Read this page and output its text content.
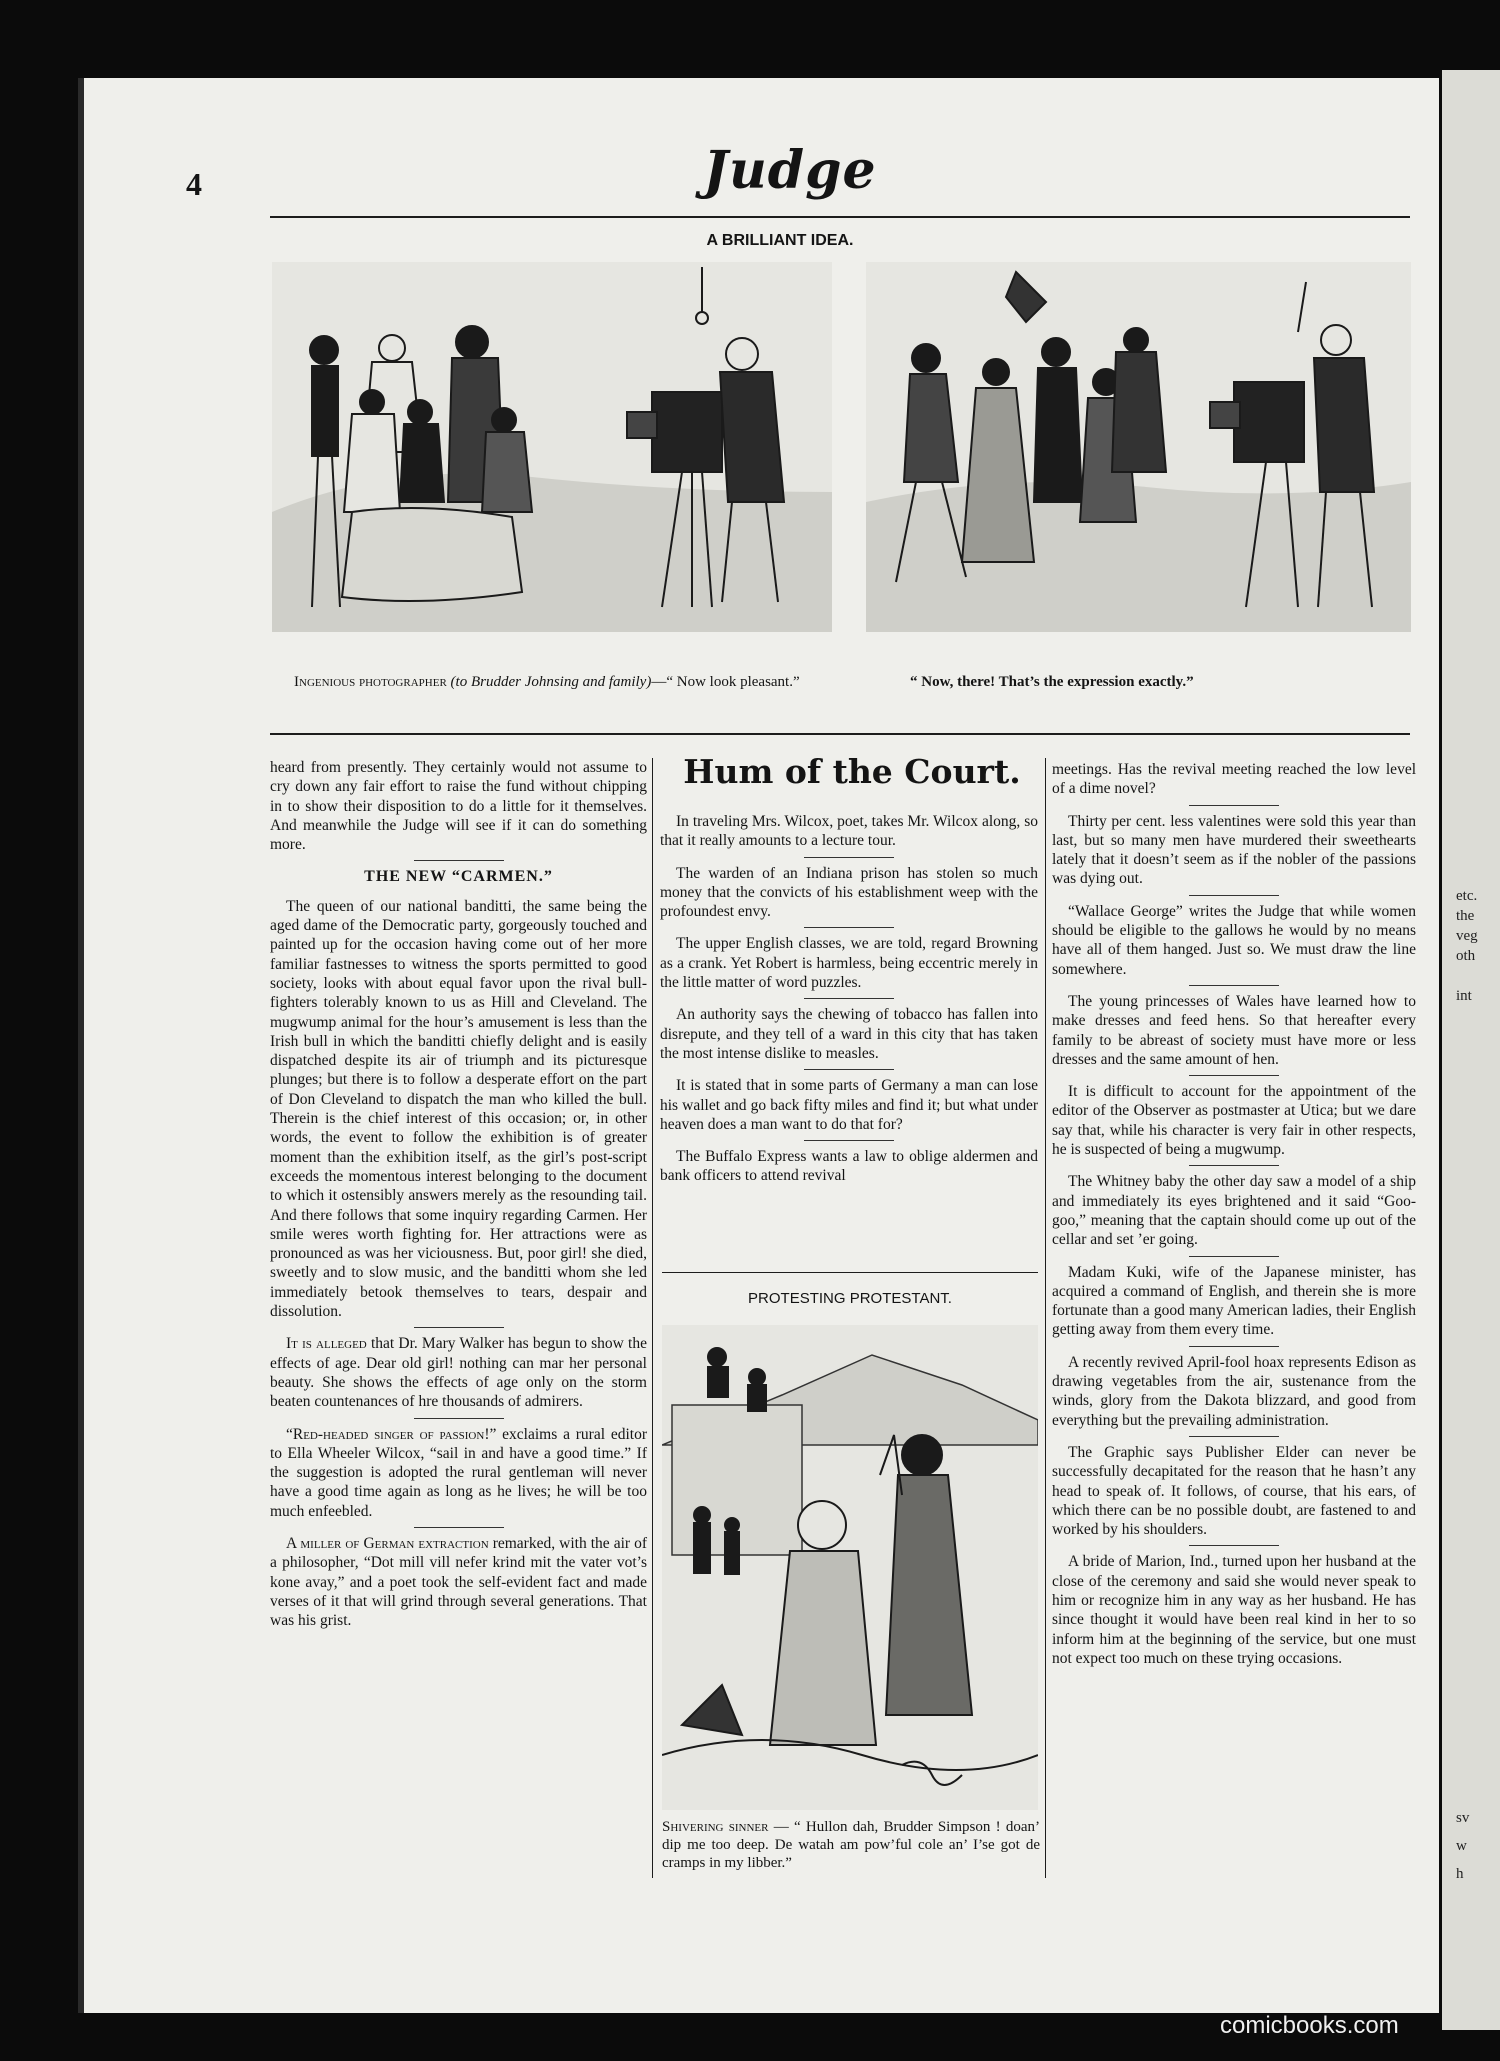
etc.
the
veg
oth
int
sv
w
h
4	Judge
A BRILLIANT IDEA.
Ingenious photographer (to Brudder Johnsing and family)—“ Now look pleasant.”	“ Now, there! That’s the expression exactly.”

heard from presently. They certainly would not assume to cry down any fair effort to raise the fund without chipping in to show their disposition to do a little for it themselves. And meanwhile the Judge will see if it can do something more.

THE NEW “CARMEN.”

The queen of our national banditti, the same being the aged dame of the Democratic party, gorgeously touched and painted up for the occasion having come out of her more familiar fastnesses to witness the sports permitted to good society, looks with about equal favor upon the rival bull-fighters tolerably known to us as Hill and Cleveland. The mugwump animal for the hour’s amusement is less than the Irish bull in which the banditti chiefly delight and is easily dispatched despite its air of triumph and its picturesque plunges; but there is to follow a desperate effort on the part of Don Cleveland to dispatch the man who killed the bull. Therein is the chief interest of this occasion; or, in other words, the event to follow the exhibition is of greater moment than the exhibition itself, as the girl’s post-script exceeds the momentous interest belonging to the document to which it ostensibly answers merely as the resounding tail. And there follows that some inquiry regarding Carmen. Her smile weres worth fighting for. Her attractions were as pronounced as was her viciousness. But, poor girl! she died, sweetly and to slow music, and the banditti whom she led immediately betook themselves to tears, despair and dissolution.

It is alleged that Dr. Mary Walker has begun to show the effects of age. Dear old girl! nothing can mar her personal beauty. She shows the effects of age only on the storm beaten countenances of hre thousands of admirers.

“Red-headed singer of passion!” exclaims a rural editor to Ella Wheeler Wilcox, “sail in and have a good time.” If the suggestion is adopted the rural gentleman will never have a good time again as long as he lives; he will be too much enfeebled.

A miller of German extraction remarked, with the air of a philosopher, “Dot mill vill nefer krind mit the vater vot’s kone avay,” and a poet took the self-evident fact and made verses of it that will grind through several generations. That was his grist.

Hum of the Court.

In traveling Mrs. Wilcox, poet, takes Mr. Wilcox along, so that it really amounts to a lecture tour.

The warden of an Indiana prison has stolen so much money that the convicts of his establishment weep with the profoundest envy.

The upper English classes, we are told, regard Browning as a crank. Yet Robert is harmless, being eccentric merely in the little matter of word puzzles.

An authority says the chewing of tobacco has fallen into disrepute, and they tell of a ward in this city that has taken the most intense dislike to measles.

It is stated that in some parts of Germany a man can lose his wallet and go back fifty miles and find it; but what under heaven does a man want to do that for?

The Buffalo Express wants a law to oblige aldermen and bank officers to attend revival

PROTESTING PROTESTANT.
Shivering sinner — “ Hullon dah, Brudder Simpson ! doan’ dip me too deep. De watah am pow’ful cole an’ I’se got de cramps in my libber.”

meetings. Has the revival meeting reached the low level of a dime novel?

Thirty per cent. less valentines were sold this year than last, but so many men have murdered their sweethearts lately that it doesn’t seem as if the nobler of the passions was dying out.

“Wallace George” writes the Judge that while women should be eligible to the gallows he would by no means have all of them hanged. Just so. We must draw the line somewhere.

The young princesses of Wales have learned how to make dresses and feed hens. So that hereafter every family to be abreast of society must have more or less dresses and the same amount of hen.

It is difficult to account for the appointment of the editor of the Observer as postmaster at Utica; but we dare say that, while his character is very fair in other respects, he is suspected of being a mugwump.

The Whitney baby the other day saw a model of a ship and immediately its eyes brightened and it said “Goo-goo,” meaning that the captain should come up out of the cellar and set ’er going.

Madam Kuki, wife of the Japanese minister, has acquired a command of English, and therein she is more fortunate than a good many American ladies, their English getting away from them every time.

A recently revived April-fool hoax represents Edison as drawing vegetables from the air, sustenance from the winds, glory from the Dakota blizzard, and good from everything but the prevailing administration.

The Graphic says Publisher Elder can never be successfully decapitated for the reason that he hasn’t any head to speak of. It follows, of course, that his ears, of which there can be no possible doubt, are fastened to and worked by his shoulders.

A bride of Marion, Ind., turned upon her husband at the close of the ceremony and said she would never speak to him or recognize him in any way as her husband. He has since thought it would have been real kind in her to so inform him at the beginning of the service, but one must not expect too much on these trying occasions.

comicbooks.com
